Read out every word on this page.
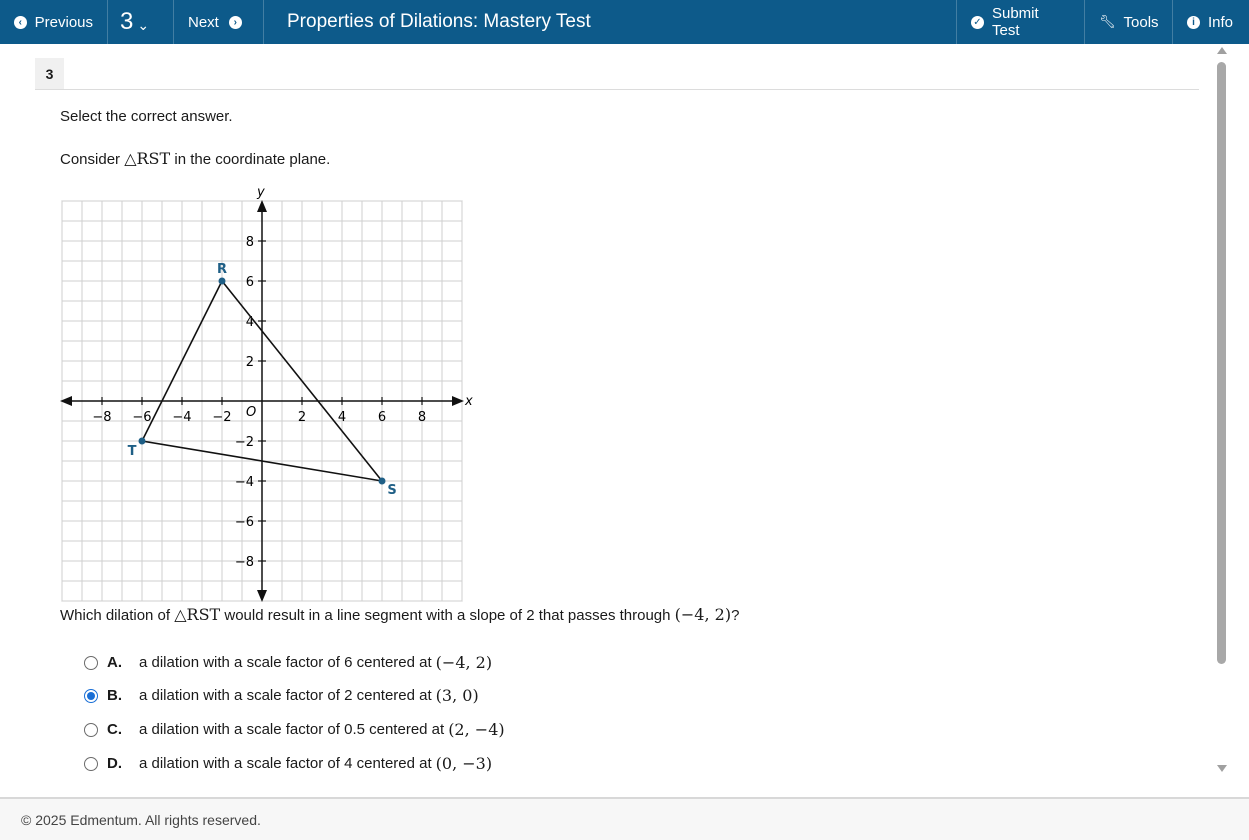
‹ Previous 3 ⌄	Next	›	Properties of Dilations: Mastery Test	✓ Submit Test
🔧︎ Tools	i Info
3
Select the correct answer.
Consider △RST in the coordinate plane.
x
y
O
−8 −6 −4 −2	2 4 6 8
8
6
4
2
−2
−4
−6
−8
R
S
T
Which dilation of △RST would result in a line segment with a slope of 2 that passes through (−4, 2)?
A.	a dilation with a scale factor of 6 centered at (−4, 2)
B.	a dilation with a scale factor of 2 centered at (3, 0)
C.	a dilation with a scale factor of 0.5 centered at (2, −4)
D.	a dilation with a scale factor of 4 centered at (0, −3)
© 2025 Edmentum. All rights reserved.
